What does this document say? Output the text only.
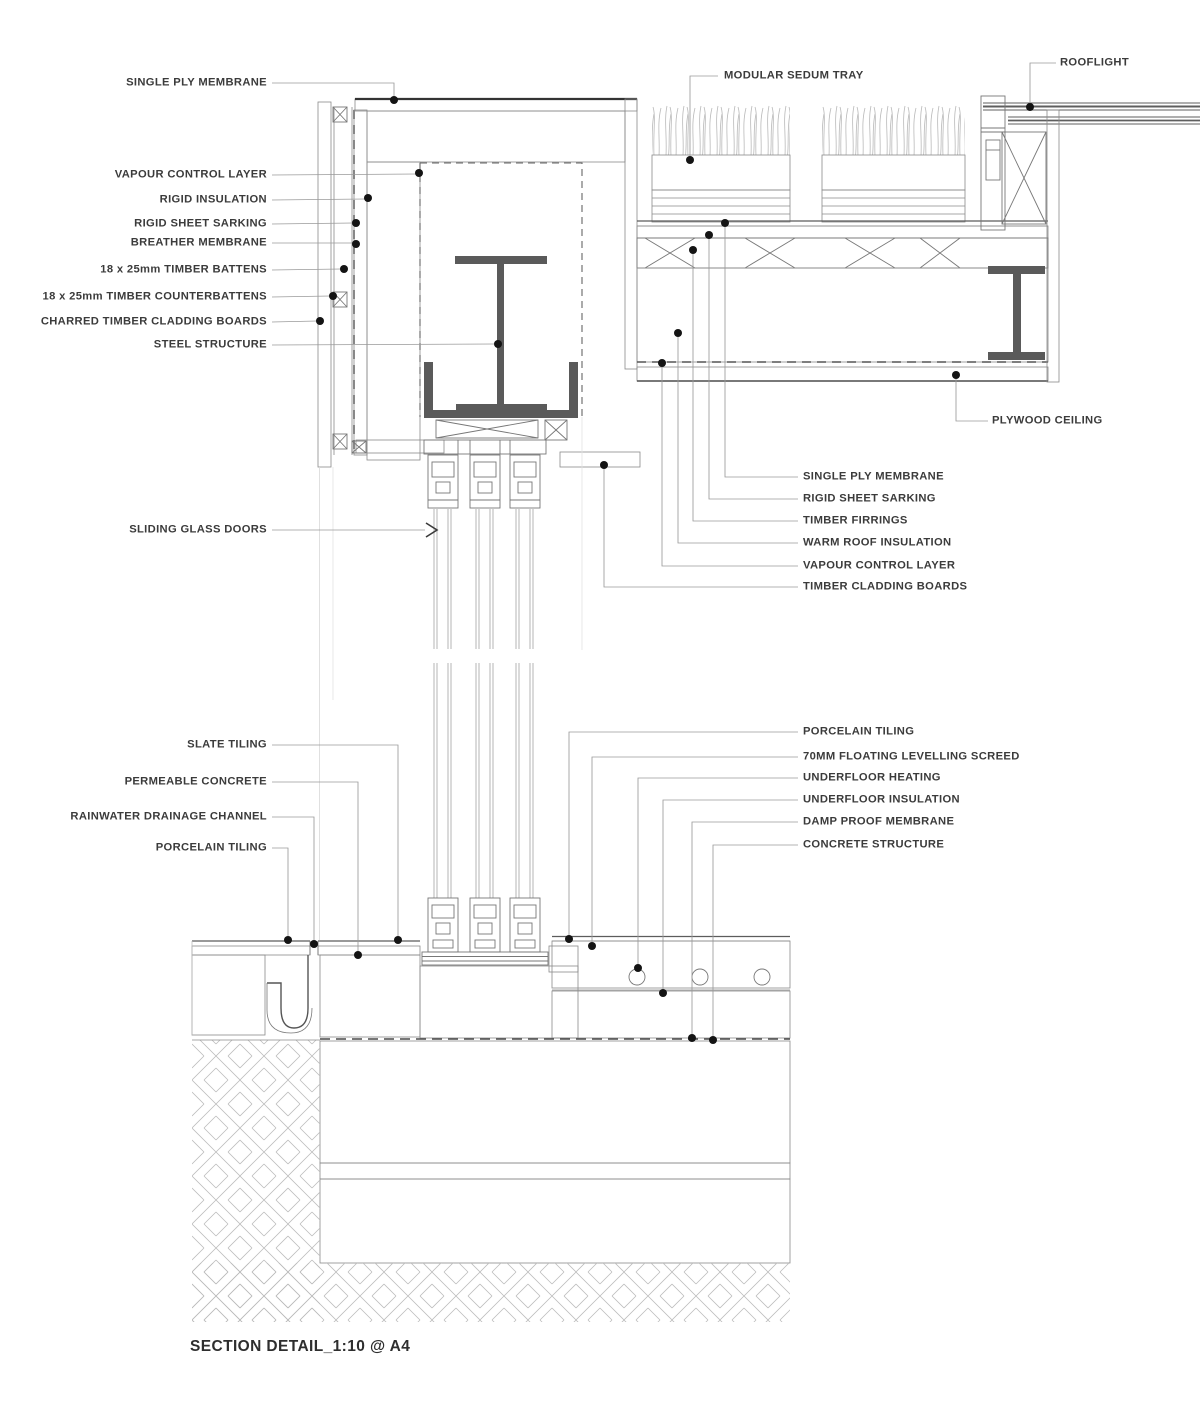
SINGLE PLY MEMBRANE
VAPOUR CONTROL LAYER
RIGID INSULATION
RIGID SHEET SARKING
BREATHER MEMBRANE
18 x 25mm TIMBER BATTENS
18 x 25mm TIMBER COUNTERBATTENS
CHARRED TIMBER CLADDING BOARDS
STEEL STRUCTURE
SLIDING GLASS DOORS
SLATE TILING
PERMEABLE CONCRETE
RAINWATER DRAINAGE CHANNEL
PORCELAIN TILING
MODULAR SEDUM TRAY
ROOFLIGHT
PLYWOOD CEILING
SINGLE PLY MEMBRANE
RIGID SHEET SARKING
TIMBER FIRRINGS
WARM ROOF INSULATION
VAPOUR CONTROL LAYER
TIMBER CLADDING BOARDS
PORCELAIN TILING
70MM FLOATING LEVELLING SCREED
UNDERFLOOR HEATING
UNDERFLOOR INSULATION
DAMP PROOF MEMBRANE
CONCRETE STRUCTURE
SECTION DETAIL_1:10 @ A4
